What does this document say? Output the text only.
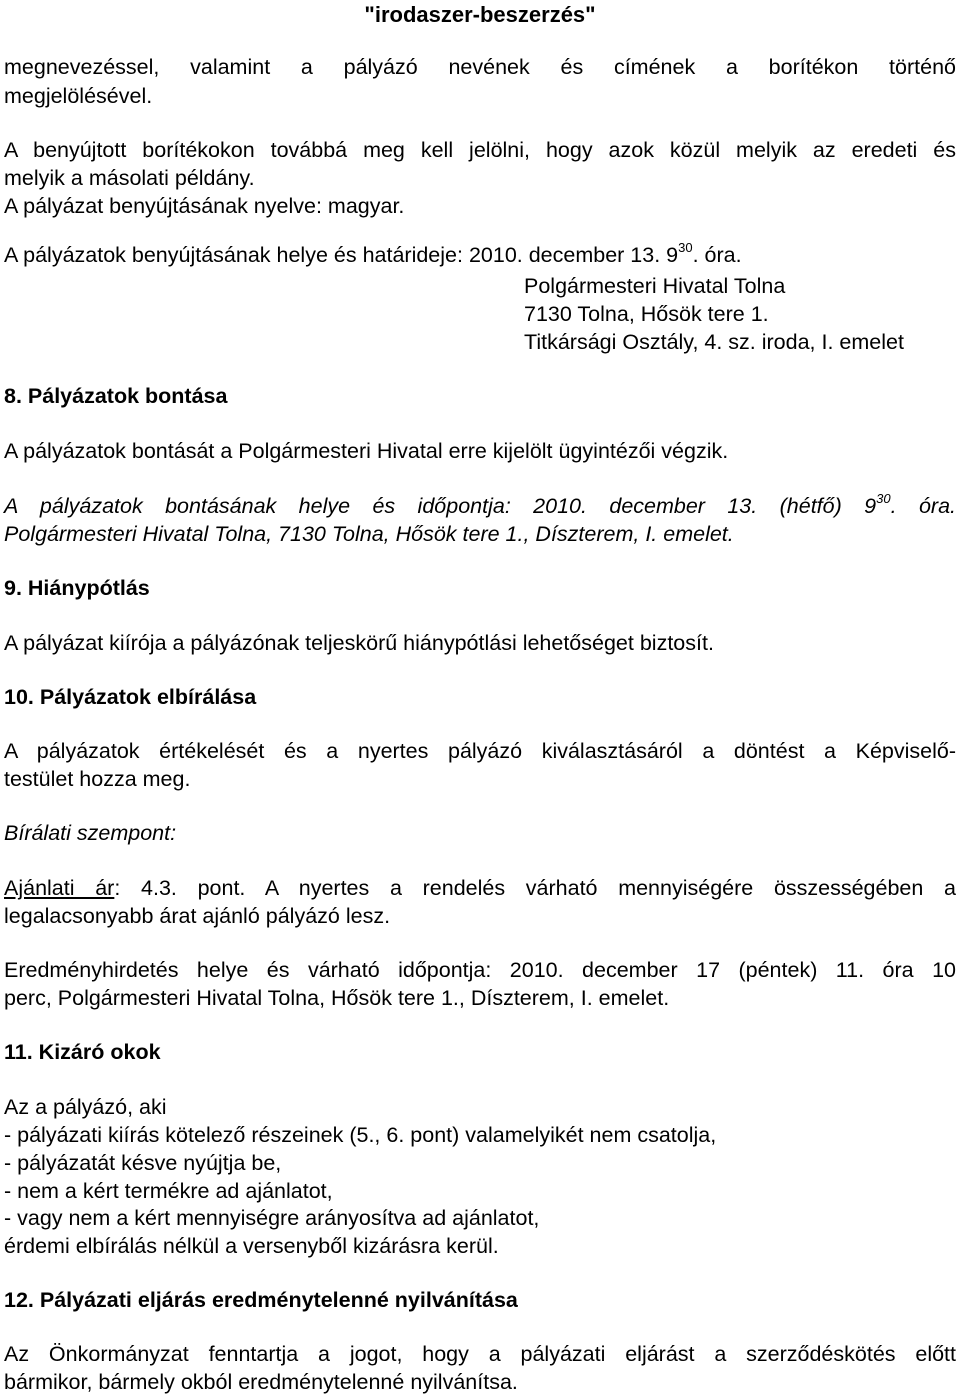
"irodaszer-beszerzés"
megnevezéssel, valamint a pályázó nevének és címének a borítékon történő
megjelölésével.
A benyújtott borítékokon továbbá meg kell jelölni, hogy azok közül melyik az eredeti és
melyik a másolati példány.
A pályázat benyújtásának nyelve: magyar.
A pályázatok benyújtásának helye és határideje: 2010. december 13. $9^{30}$. óra.
Polgármesteri Hivatal Tolna
7130 Tolna, Hősök tere 1.
Titkársági Osztály, 4. sz. iroda, I. emelet
8. Pályázatok bontása
A pályázatok bontását a Polgármesteri Hivatal erre kijelölt ügyintézői végzik.
A pályázatok bontásának helye és időpontja: 2010. december 13. (hétfő) $9^{30}$. óra.
Polgármesteri Hivatal Tolna, 7130 Tolna, Hősök tere 1., Díszterem, I. emelet.
9. Hiánypótlás
A pályázat kiírója a pályázónak teljeskörű hiánypótlási lehetőséget biztosít.
10. Pályázatok elbírálása
A pályázatok értékelését és a nyertes pályázó kiválasztásáról a döntést a Képviselő-
testület hozza meg.
Bírálati szempont:
Ajánlati ár: 4.3. pont. A nyertes a rendelés várható mennyiségére összességében a
legalacsonyabb árat ajánló pályázó lesz.
Eredményhirdetés helye és várható időpontja: 2010. december 17 (péntek) 11. óra 10
perc, Polgármesteri Hivatal Tolna, Hősök tere 1., Díszterem, I. emelet.
11. Kizáró okok
Az a pályázó, aki
- pályázati kiírás kötelező részeinek (5., 6. pont) valamelyikét nem csatolja,
- pályázatát késve nyújtja be,
- nem a kért termékre ad ajánlatot,
- vagy nem a kért mennyiségre arányosítva ad ajánlatot,
érdemi elbírálás nélkül a versenyből kizárásra kerül.
12. Pályázati eljárás eredménytelenné nyilvánítása
Az Önkormányzat fenntartja a jogot, hogy a pályázati eljárást a szerződéskötés előtt
bármikor, bármely okból eredménytelenné nyilvánítsa.
